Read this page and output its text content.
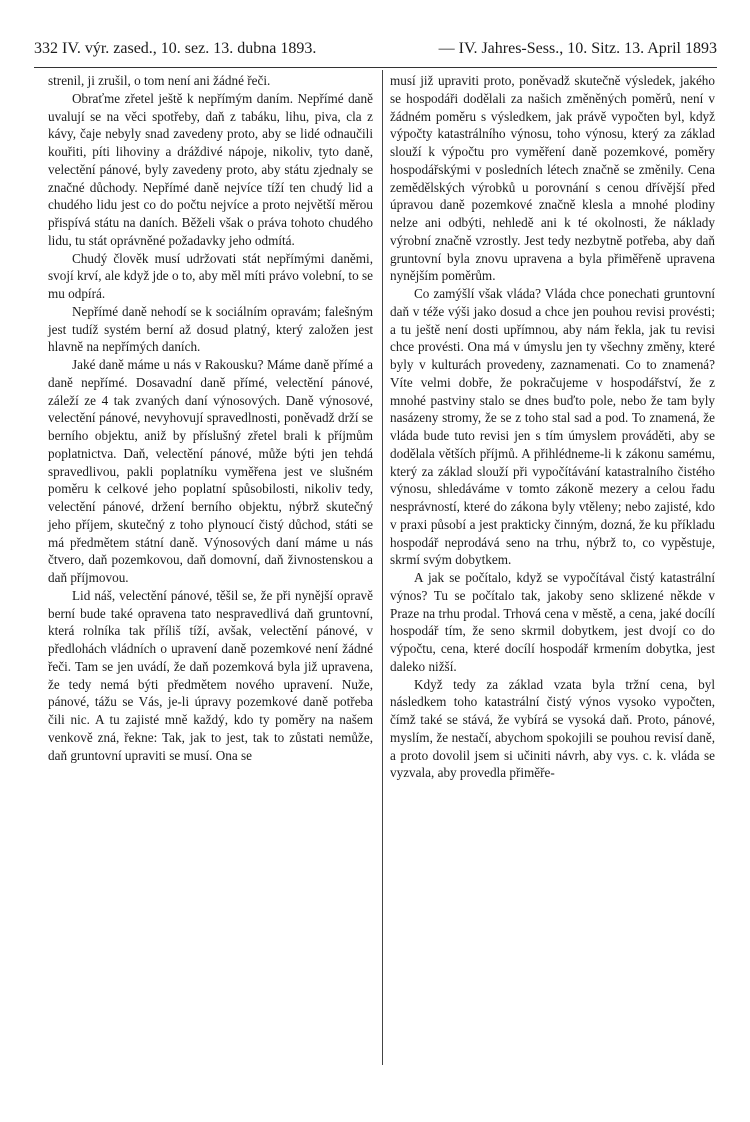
332 IV. výr. zased., 10. sez. 13. dubna 1893.	— IV. Jahres-Sess., 10. Sitz. 13. April 1893

strenil, ji zrušil, o tom není ani žádné řeči.

Obraťme zřetel ještě k nepřímým daním. Nepřímé daně uvalují se na věci spotřeby, daň z tabáku, lihu, piva, cla z kávy, čaje nebyly snad zavedeny proto, aby se lidé odnaučili kouřiti, píti lihoviny a dráždivé nápoje, nikoliv, tyto daně, velectění pánové, byly zavedeny proto, aby státu zjednaly se značné důchody. Nepřímé daně nejvíce tíží ten chudý lid a chudého lidu jest co do počtu nejvíce a proto největší měrou přispívá státu na daních. Běželi však o práva tohoto chudého lidu, tu stát oprávněné požadavky jeho odmítá.

Chudý člověk musí udržovati stát nepřímými daněmi, svojí krví, ale když jde o to, aby měl míti právo volební, to se mu odpírá.

Nepřímé daně nehodí se k sociálním opravám; falešným jest tudíž systém berní až dosud platný, který založen jest hlavně na nepřímých daních.

Jaké daně máme u nás v Rakousku? Máme daně přímé a daně nepřímé. Dosavadní daně přímé, velectění pánové, záleží ze 4 tak zvaných daní výnosových. Daně výnosové, velectění pánové, nevyhovují spravedlnosti, poněvadž drží se berního objektu, aniž by příslušný zřetel brali k příjmům poplatnictva. Daň, velectění pánové, může býti jen tehdá spravedlivou, pakli poplatníku vyměřena jest ve slušném poměru k celkové jeho poplatní spůsobilosti, nikoliv tedy, velectění pánové, držení berního objektu, nýbrž skutečný jeho příjem, skutečný z toho plynoucí čistý důchod, státi se má předmětem státní daně. Výnosových daní máme u nás čtvero, daň pozemkovou, daň domovní, daň živnostenskou a daň příjmovou.

Lid náš, velectění pánové, těšil se, že při nynější opravě berní bude také opravena tato nespravedlivá daň gruntovní, která rolníka tak příliš tíží, avšak, velectění pánové, v předlohách vládních o upravení daně pozemkové není žádné řeči. Tam se jen uvádí, že daň pozemková byla již upravena, že tedy nemá býti předmětem nového upravení. Nuže, pánové, tážu se Vás, je-li úpravy pozemkové daně potřeba čili nic. A tu zajisté mně každý, kdo ty poměry na našem venkově zná, řekne: Tak, jak to jest, tak to zůstati nemůže, daň gruntovní upraviti se musí. Ona se

musí již upraviti proto, poněvadž skutečně výsledek, jakého se hospodáři dodělali za našich změněných poměrů, není v žádném poměru s výsledkem, jak právě vypočten byl, když výpočty katastrálního výnosu, toho výnosu, který za základ slouží k výpočtu pro vyměření daně pozemkové, poměry hospodářskými v posledních létech značně se změnily. Cena zemědělských výrobků u porovnání s cenou dřívější před úpravou daně pozemkové značně klesla a mnohé plodiny nelze ani odbýti, nehledě ani k té okolnosti, že náklady výrobní značně vzrostly. Jest tedy nezbytně potřeba, aby daň gruntovní byla znovu upravena a byla přiměřeně upravena nynějším poměrům.

Co zamýšlí však vláda? Vláda chce ponechati gruntovní daň v téže výši jako dosud a chce jen pouhou revisi provésti; a tu ještě není dosti upřímnou, aby nám řekla, jak tu revisi chce provésti. Ona má v úmyslu jen ty všechny změny, které byly v kulturách provedeny, zaznamenati. Co to znamená? Víte velmi dobře, že pokračujeme v hospodářství, že z mnohé pastviny stalo se dnes buďto pole, nebo že tam byly nasázeny stromy, že se z toho stal sad a pod. To znamená, že vláda bude tuto revisi jen s tím úmyslem prováděti, aby se dodělala větších příjmů. A přihlédneme-li k zákonu samému, který za základ slouží při vypočítávání katastralního čistého výnosu, shledáváme v tomto zákoně mezery a celou řadu nesprávností, které do zákona byly vtěleny; nebo zajisté, kdo v praxi působí a jest prakticky činným, dozná, že ku příkladu hospodář neprodává seno na trhu, nýbrž to, co vypěstuje, skrmí svým dobytkem.

A jak se počítalo, když se vypočítával čistý katastrální výnos? Tu se počítalo tak, jakoby seno sklizené někde v Praze na trhu prodal. Trhová cena v městě, a cena, jaké docílí hospodář tím, že seno skrmil dobytkem, jest dvojí co do výpočtu, cena, které docílí hospodář krmením dobytka, jest daleko nižší.

Když tedy za základ vzata byla tržní cena, byl následkem toho katastrální čistý výnos vysoko vypočten, čímž také se stává, že vybírá se vysoká daň. Proto, pánové, myslím, že nestačí, abychom spokojili se pouhou revisí daně, a proto dovolil jsem si učiniti návrh, aby vys. c. k. vláda se vyzvala, aby provedla přiměře-
